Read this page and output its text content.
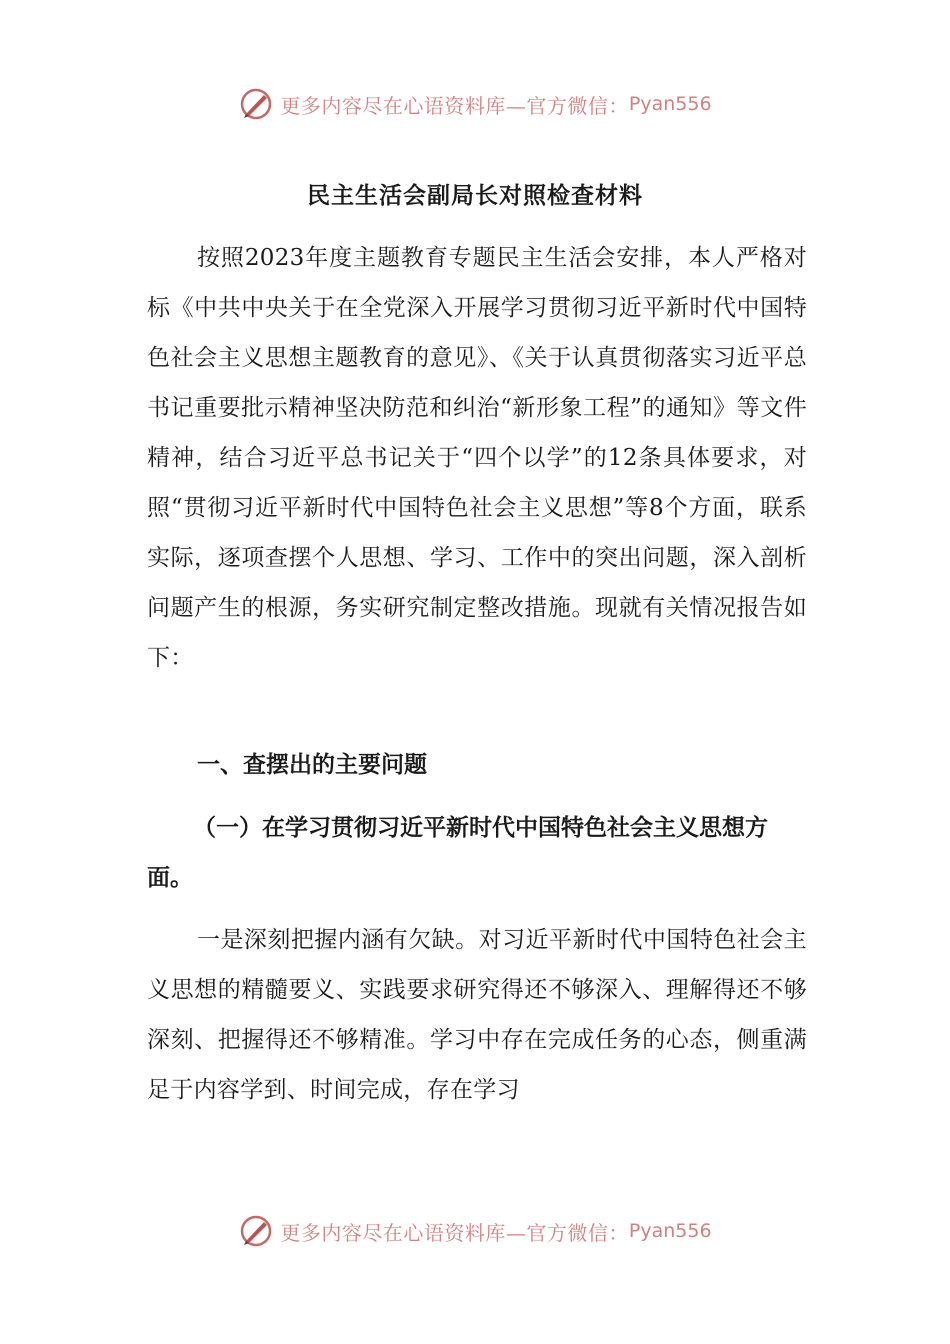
更多内容尽在心语资料库—官方微信： Pyan556
民主生活会副局长对照检查材料

按照2023年度主题教育专题民主生活会安排，本人严格对标《中共中央关于在全党深入开展学习贯彻习近平新时代中国特色社会主义思想主题教育的意见》、《关于认真贯彻落实习近平总书记重要批示精神坚决防范和纠治“新形象工程”的通知》等文件精神，结合习近平总书记关于“四个以学”的12条具体要求，对照“贯彻习近平新时代中国特色社会主义思想”等8个方面，联系实际，逐项查摆个人思想、学习、工作中的突出问题，深入剖析问题产生的根源，务实研究制定整改措施。现就有关情况报告如下：

一、查摆出的主要问题
（一）在学习贯彻习近平新时代中国特色社会主义思想方面。

一是深刻把握内涵有欠缺。对习近平新时代中国特色社会主义思想的精髓要义、实践要求研究得还不够深入、理解得还不够深刻、把握得还不够精准。学习中存在完成任务的心态，侧重满足于内容学到、时间完成，存在学习

更多内容尽在心语资料库—官方微信： Pyan556
